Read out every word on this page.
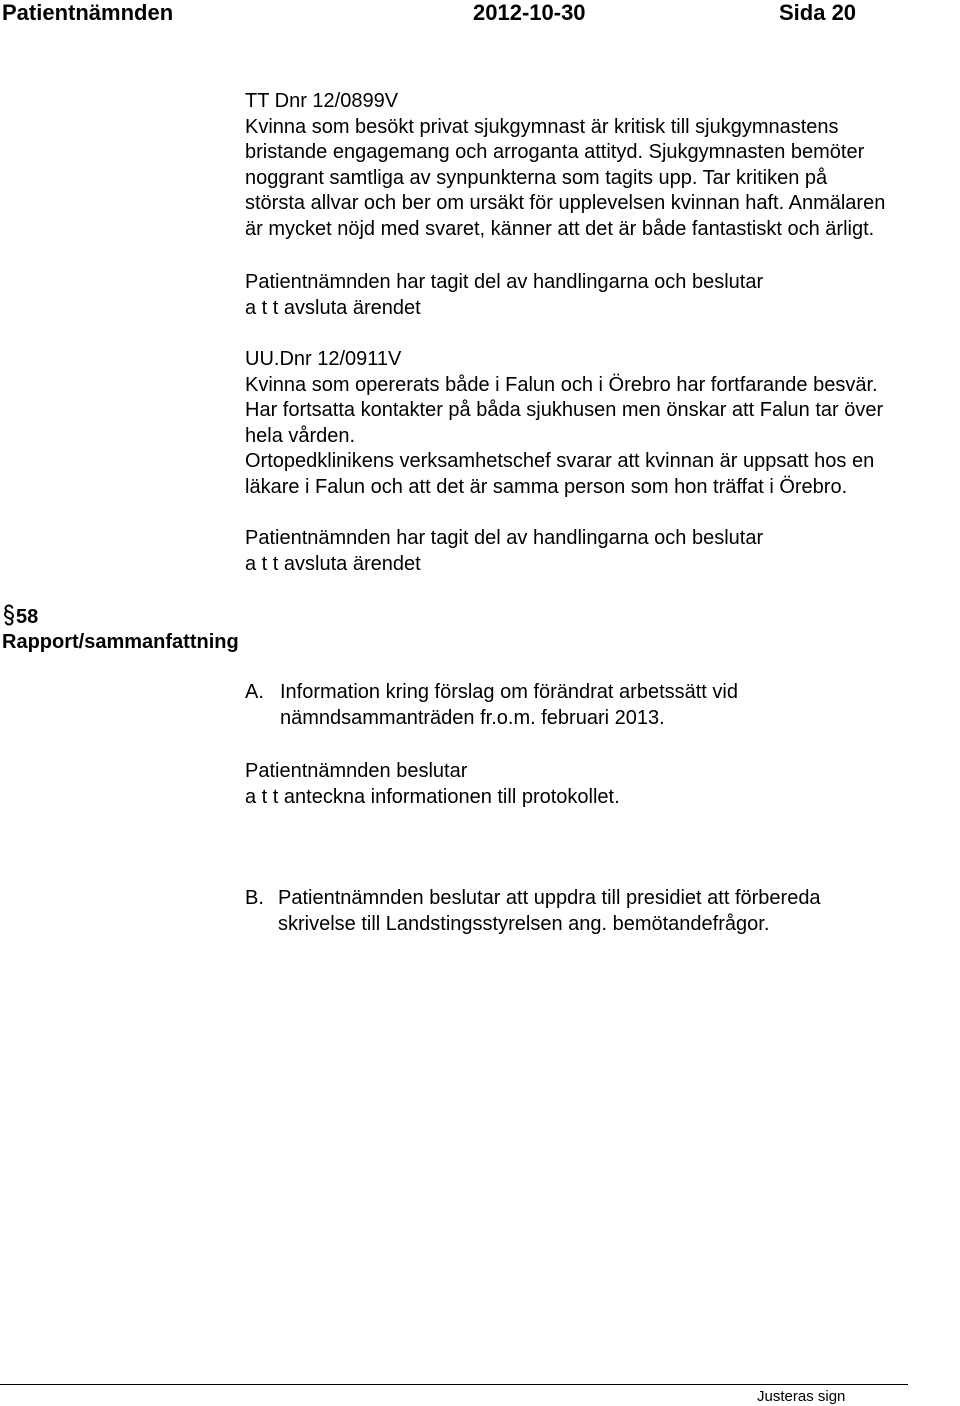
Patientnämnden	2012-10-30	Sida 20
TT Dnr 12/0899V
Kvinna som besökt privat sjukgymnast är kritisk till sjukgymnastens
bristande engagemang och arroganta attityd. Sjukgymnasten bemöter
noggrant samtliga av synpunkterna som tagits upp. Tar kritiken på
största allvar och ber om ursäkt för upplevelsen kvinnan haft. Anmälaren
är mycket nöjd med svaret, känner att det är både fantastiskt och ärligt.
Patientnämnden har tagit del av handlingarna och beslutar
a t t avsluta ärendet
UU.Dnr 12/0911V
Kvinna som opererats både i Falun och i Örebro har fortfarande besvär.
Har fortsatta kontakter på båda sjukhusen men önskar att Falun tar över
hela vården.
Ortopedklinikens verksamhetschef svarar att kvinnan är uppsatt hos en
läkare i Falun och att det är samma person som hon träffat i Örebro.
Patientnämnden har tagit del av handlingarna och beslutar
a t t avsluta ärendet
58
Rapport/sammanfattning
A. Information kring förslag om förändrat arbetssätt vid
nämndsammanträden fr.o.m. februari 2013.
Patientnämnden beslutar
a t t anteckna informationen till protokollet.
B. Patientnämnden beslutar att uppdra till presidiet att förbereda
skrivelse till Landstingsstyrelsen ang. bemötandefrågor.
Justeras sign
